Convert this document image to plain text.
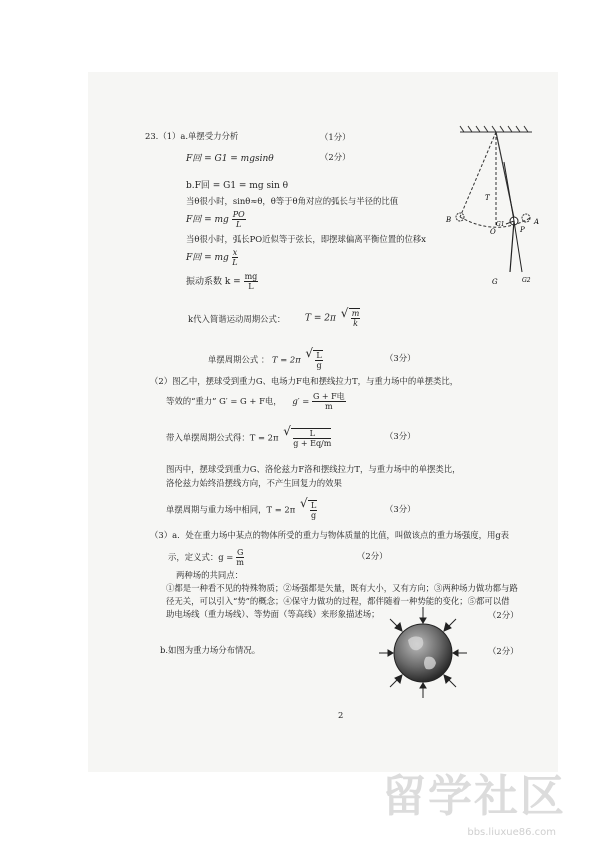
23.（1）a.单摆受力分析	（1分）
F回 = G1 = mgsinθ	（2分）
b.F回 = G1 = mg sin θ
当θ很小时，sinθ≈θ，θ等于θ角对应的弧长与半径的比值
F回 = mg $\frac{PO}{L}$
当θ很小时，弧长PO近似等于弦长，即摆球偏离平衡位置的位移x
F回 = mg $\frac{x}{L}$
振动系数 $k = \frac{mg}{L}$
k代入简谐运动周期公式： T = 2π √ $\frac{m}{k}$
单摆周期公式 ： T = 2π √ $\frac{L}{g}$	（3分）
T
O
A
B
P
G1
G	G2
（2）图乙中，摆球受到重力G、电场力F电和摆线拉力T，与重力场中的单摆类比，
等效的“重力” G′ = G + F电， $g' = \frac{\text{G + F电}}{m}$
带入单摆周期公式得：T = 2π √ $\frac{L}{g + Eq/m}$	（3分）
图丙中，摆球受到重力G、洛伦兹力F洛和摆线拉力T，与重力场中的单摆类比，
洛伦兹力始终沿摆线方向，不产生回复力的效果
单摆周期与重力场中相同，T = 2π √ $\frac{L}{g}$	（3分）
（3）a．处在重力场中某点的物体所受的重力与物体质量的比值，叫做该点的重力场强度，用g表
示，定义式：$g = \frac{G}{m}$	（2分）
两种场的共同点：
①都是一种看不见的特殊物质；②场强都是矢量，既有大小，又有方向；③两种场力做功都与路
径无关，可以引入“势”的概念；④保守力做功的过程，都伴随着一种势能的变化；⑤都可以借
助电场线（重力场线）、等势面（等高线）来形象描述场；	（2分）
b.如图为重力场分布情况。	（2分）
2
留学社区
bbs.liuxue86.com
